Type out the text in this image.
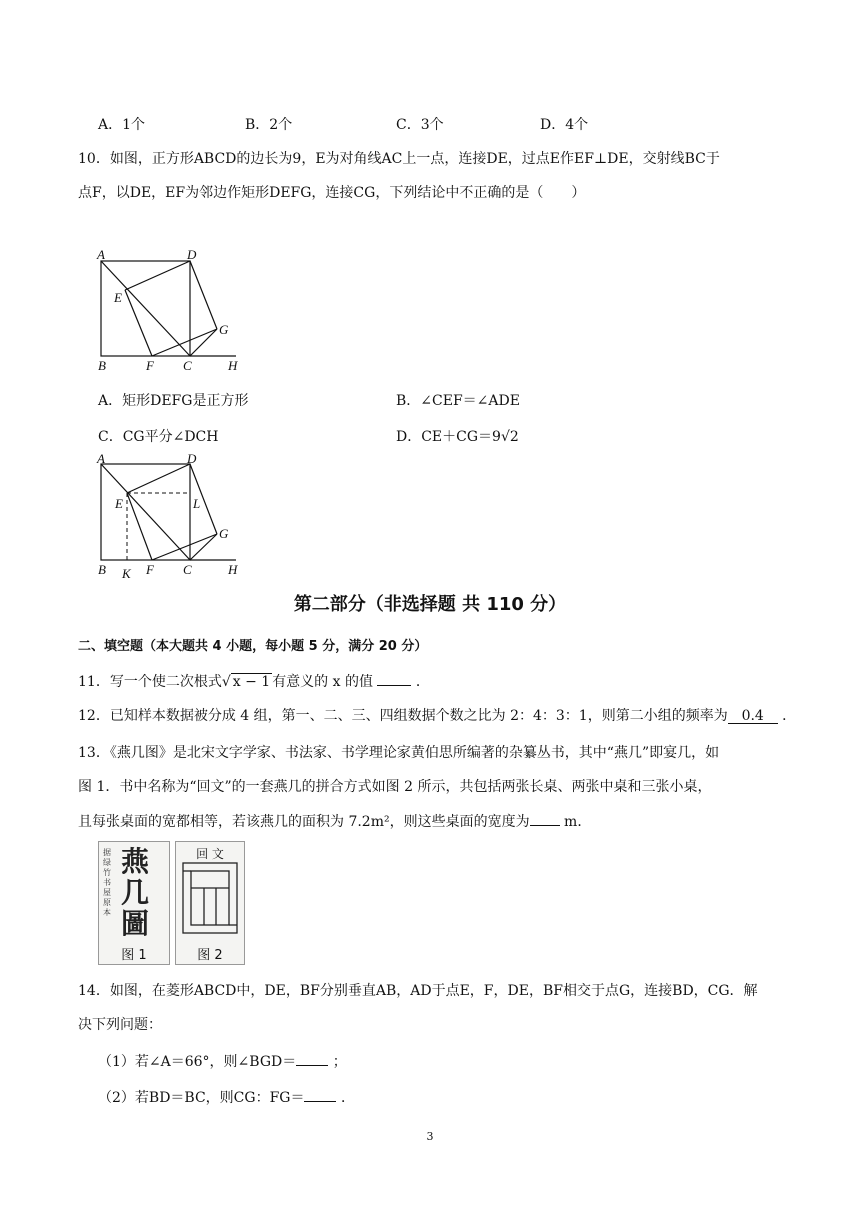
A．1个	B．2个	C．3个	D．4个
10．如图，正方形ABCD的边长为9，E为对角线AC上一点，连接DE，过点E作EF⊥DE，交射线BC于
点F，以DE，EF为邻边作矩形DEFG，连接CG，下列结论中不正确的是（　　）
A	D
E
G
B	F C	H
A．矩形DEFG是正方形	B．∠CEF＝∠ADE
C．CG平分∠DCH	D．CE＋CG＝9√2
A	D
E	L
G
B K F C	H
第二部分（非选择题 共 110 分）
二、填空题（本大题共 4 小题，每小题 5 分，满分 20 分）
11．写一个使二次根式√ x − 1 有意义的 x 的值	．
12．已知样本数据被分成 4 组，第一、二、三、四组数据个数之比为 2：4：3：1，则第二小组的频率为 0.4 ．
13．《燕几图》是北宋文字学家、书法家、书学理论家黄伯思所编著的杂纂丛书，其中“燕几”即宴几，如
图 1．书中名称为“回文”的一套燕几的拼合方式如图 2 所示，共包括两张长桌、两张中桌和三张小桌，
且每张桌面的宽都相等，若该燕几的面积为 7.2m²，则这些桌面的宽度为 m．
据绿竹书屋原本
燕几圖
图 1
回 文
图 2
14．如图，在菱形ABCD中，DE，BF分别垂直AB，AD于点E，F，DE，BF相交于点G，连接BD，CG．解
决下列问题：
（1）若∠A＝66°，则∠BGD＝	；
（2）若BD＝BC，则CG：FG＝	．
3
